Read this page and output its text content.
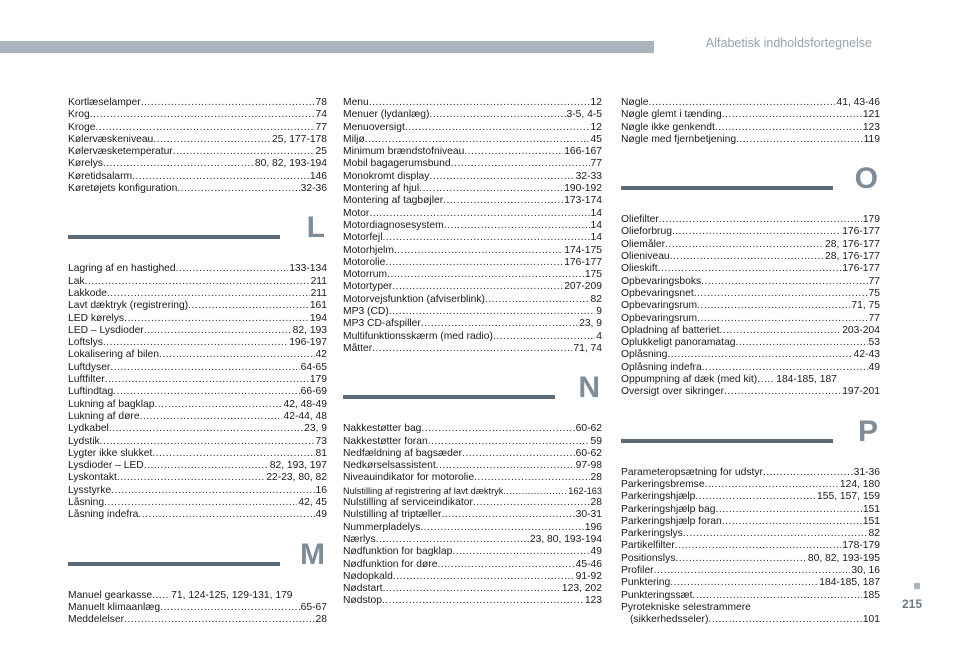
Alfabetisk indholdsfortegnelse
Kortlæselamper .....	78
Krog .....	74
Kroge .....	77
Kølervæskeniveau .....	25, 177-178
Kølervæsketemperatur .....	25
Kørelys .....	80, 82, 193-194
Køretidsalarm .....	146
Køretøjets konfiguration .....	32-36
L
Lagring af en hastighed .....	133-134
Lak .....	211
Lakkode .....	211
Lavt dæktryk (registrering) .....	161
LED kørelys .....	194
LED – Lysdioder .....	82, 193
Loftslys .....	196-197
Lokalisering af bilen .....	42
Luftdyser .....	64-65
Luftfilter .....	179
Luftindtag .....	66-69
Lukning af bagklap .....	42, 48-49
Lukning af døre .....	42-44, 48
Lydkabel .....	23, 9
Lydstik .....	73
Lygter ikke slukket .....	81
Lysdioder – LED .....	82, 193, 197
Lyskontakt .....	22-23, 80, 82
Lysstyrke .....	16
Låsning .....	42, 45
Låsning indefra .....	49
M
Manuel gearkasse ..... 71, 124-125, 129-131, 179
Manuelt klimaanlæg .....	65-67
Meddelelser .....	28
Menu .....	12
Menuer (lydanlæg) .....	3-5, 4-5
Menuoversigt .....	12
Miljø .....	45
Minimum brændstofniveau .....	166-167
Mobil bagagerumsbund .....	77
Monokromt display .....	32-33
Montering af hjul .....	190-192
Montering af tagbøjler .....	173-174
Motor .....	14
Motordiagnosesystem .....	14
Motorfejl .....	14
Motorhjelm .....	174-175
Motorolie .....	176-177
Motorrum .....	175
Motortyper .....	207-209
Motorvejsfunktion (afviserblink) .....	82
MP3 (CD) .....	9
MP3 CD-afspiller .....	23, 9
Multifunktionsskærm (med radio) .....	4
Måtter .....	71, 74
N
Nakkestøtter bag .....	60-62
Nakkestøtter foran .....	59
Nedfældning af bagsæder .....	60-62
Nedkørselsassistent .....	97-98
Niveauindikator for motorolie .....	28
Nulstilling af registrering af lavt dæktryk .....	162-163
Nulstilling af serviceindikator .....	28
Nulstilling af triptæller .....	30-31
Nummerpladelys .....	196
Nærlys .....	23, 80, 193-194
Nødfunktion for bagklap .....	49
Nødfunktion for døre .....	45-46
Nødopkald .....	91-92
Nødstart .....	123, 202
Nødstop .....	123
Nøgle .....	41, 43-46
Nøgle glemt i tænding .....	121
Nøgle ikke genkendt .....	123
Nøgle med fjernbetjening .....	119
O
Oliefilter .....	179
Olieforbrug .....	176-177
Oliemåler .....	28, 176-177
Olieniveau .....	28, 176-177
Olieskift .....	176-177
Opbevaringsboks .....	77
Opbevaringsnet .....	75
Opbevaringsrum .....	71, 75
Opbevaringsrum .....	77
Opladning af batteriet .....	203-204
Oplukkeligt panoramatag .....	53
Oplåsning .....	42-43
Oplåsning indefra .....	49
Oppumpning af dæk (med kit) ..... 184-185, 187
Oversigt over sikringer .....	197-201
P
Parameteropsætning for udstyr .....	31-36
Parkeringsbremse .....	124, 180
Parkeringshjælp .....	155, 157, 159
Parkeringshjælp bag .....	151
Parkeringshjælp foran .....	151
Parkeringslys .....	82
Partikelfilter .....	178-179
Positionslys .....	80, 82, 193-195
Profiler .....	30, 16
Punktering .....	184-185, 187
Punkteringssæt .....	185
Pyrotekniske selestrammere
(sikkerhedsseler) .....	101
215
